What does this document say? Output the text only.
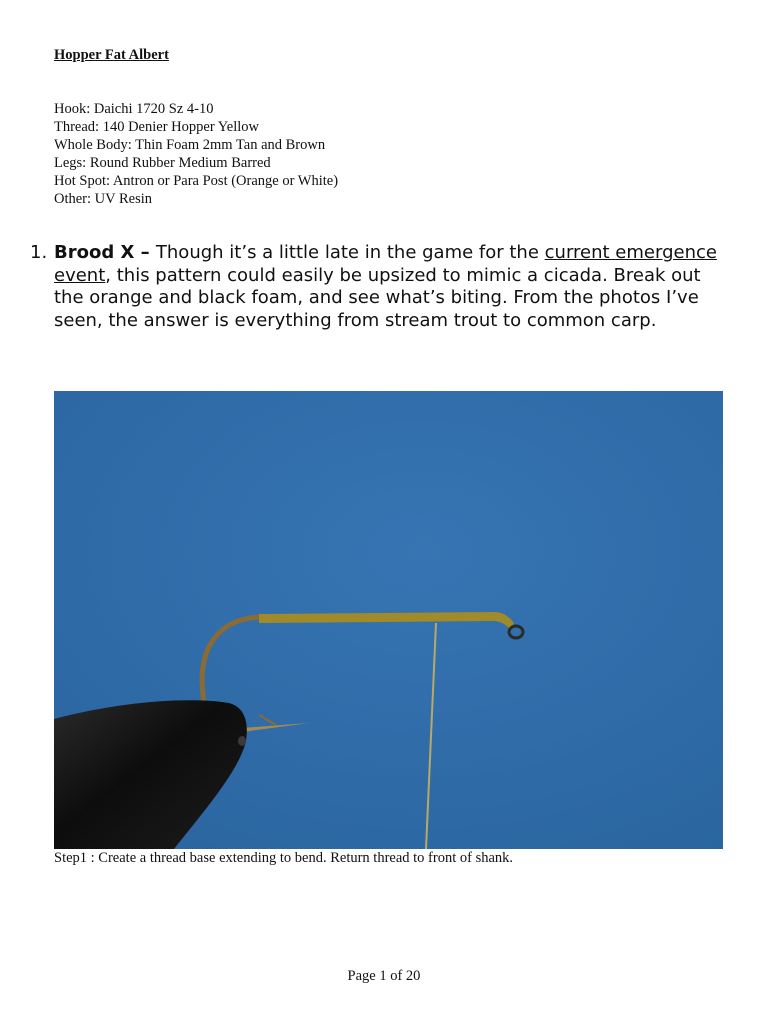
Hopper Fat Albert

Hook: Daichi 1720 Sz 4-10
Thread: 140 Denier Hopper Yellow
Whole Body: Thin Foam 2mm Tan and Brown
Legs: Round Rubber Medium Barred
Hot Spot: Antron or Para Post (Orange or White)
Other: UV Resin
1. Brood X – Though it’s a little late in the game for the current emergence event, this pattern could easily be upsized to mimic a cicada. Break out the orange and black foam, and see what’s biting. From the photos I’ve seen, the answer is everything from stream trout to common carp.
Step1 : Create a thread base extending to bend. Return thread to front of shank.
Page 1 of 20
